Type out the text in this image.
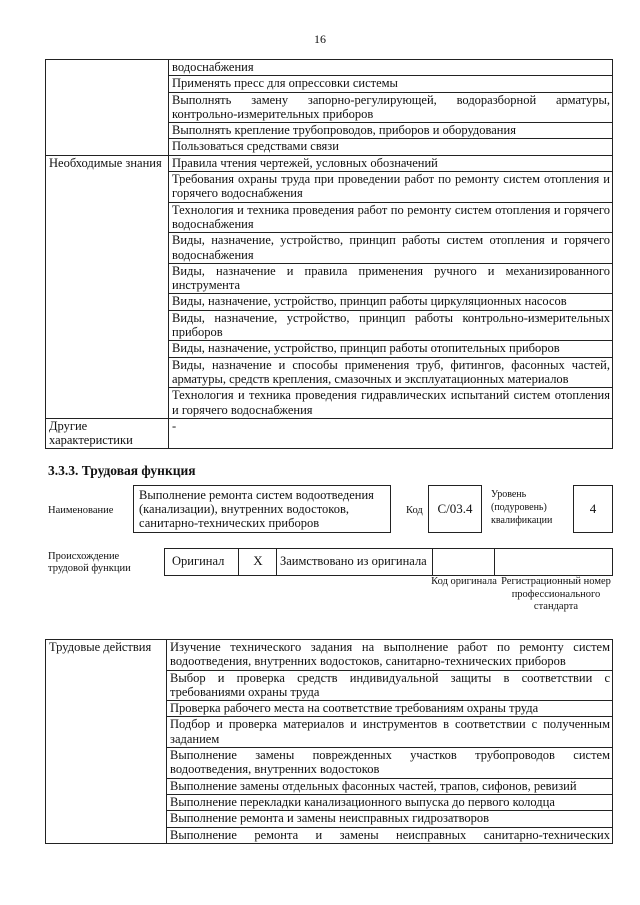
16
	водоснабжения
	Применять пресс для опрессовки системы
	Выполнять замену запорно-регулирующей, водоразборной арматуры, контрольно-измерительных приборов
	Выполнять крепление трубопроводов, приборов и оборудования
	Пользоваться средствами связи
Необходимые знания	Правила чтения чертежей, условных обозначений
	Требования охраны труда при проведении работ по ремонту систем отопления и горячего водоснабжения
	Технология и техника проведения работ по ремонту систем отопления и горячего водоснабжения
	Виды, назначение, устройство, принцип работы систем отопления и горячего водоснабжения
	Виды, назначение и правила применения ручного и механизированного инструмента
	Виды, назначение, устройство, принцип работы циркуляционных насосов
	Виды, назначение, устройство, принцип работы контрольно-измерительных приборов
	Виды, назначение, устройство, принцип работы отопительных приборов
	Виды, назначение и способы применения труб, фитингов, фасонных частей, арматуры, средств крепления, смазочных и эксплуатационных материалов
	Технология и техника проведения гидравлических испытаний систем отопления и горячего водоснабжения
Другие характеристики	-
3.3.3. Трудовая функция
Наименование
Выполнение ремонта систем водоотведения (канализации), внутренних водостоков, санитарно-технических приборов
Код	С/03.4
Уровень (подуровень) квалификации
4
Происхождение трудовой функции
Оригинал	X	Заимствовано из оригинала		
Код оригинала Регистрационный номер профессионального стандарта
Трудовые действия	Изучение технического задания на выполнение работ по ремонту систем водоотведения, внутренних водостоков, санитарно-технических приборов
Выбор и проверка средств индивидуальной защиты в соответствии с требованиями охраны труда
Проверка рабочего места на соответствие требованиям охраны труда
Подбор и проверка материалов и инструментов в соответствии с полученным заданием
Выполнение замены поврежденных участков трубопроводов систем водоотведения, внутренних водостоков
Выполнение замены отдельных фасонных частей, трапов, сифонов, ревизий
Выполнение перекладки канализационного выпуска до первого колодца
Выполнение ремонта и замены неисправных гидрозатворов
Выполнение ремонта и замены неисправных санитарно-технических
